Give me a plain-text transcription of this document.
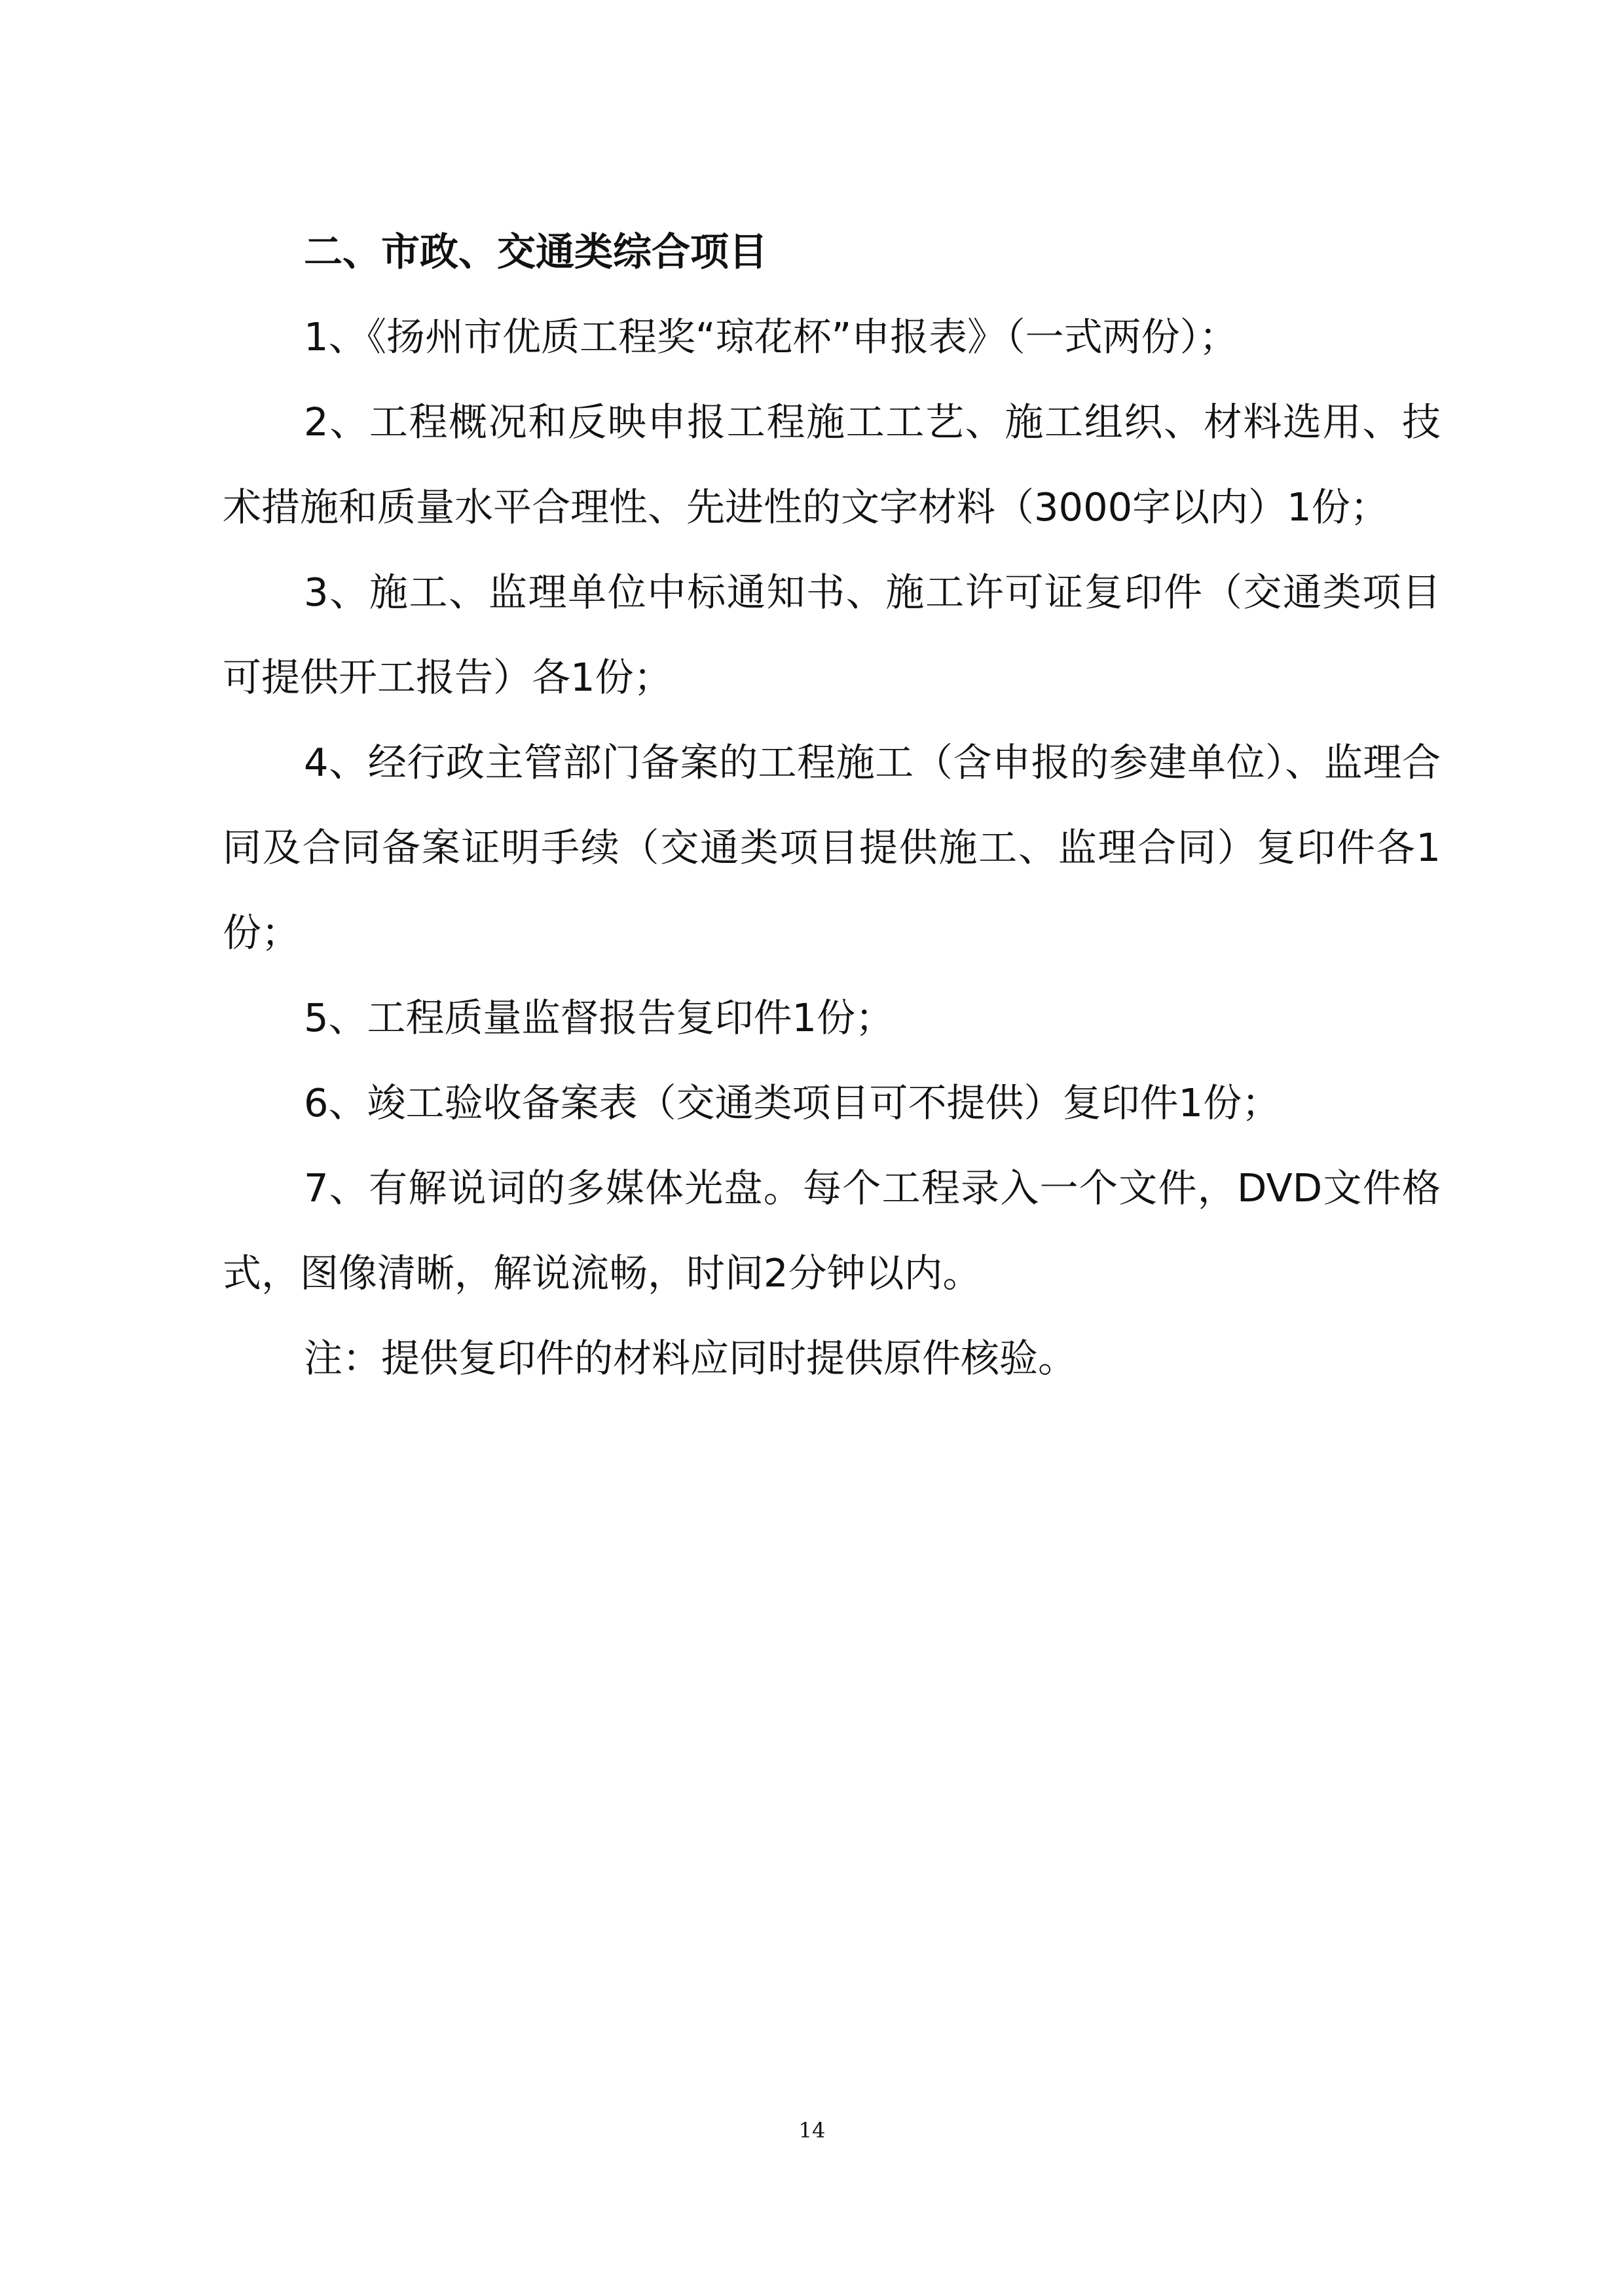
二、市政、交通类综合项目

1、《扬州市优质工程奖“琼花杯”申报表》（一式两份）；

2、工程概况和反映申报工程施工工艺、施工组织、材料选用、技术措施和质量水平合理性、先进性的文字材料（3000字以内）1份；

3、施工、监理单位中标通知书、施工许可证复印件（交通类项目可提供开工报告）各1份；

4、经行政主管部门备案的工程施工（含申报的参建单位）、监理合同及合同备案证明手续（交通类项目提供施工、监理合同）复印件各1份；

5、工程质量监督报告复印件1份；

6、竣工验收备案表（交通类项目可不提供）复印件1份；

7、有解说词的多媒体光盘。每个工程录入一个文件，DVD文件格式，图像清晰，解说流畅，时间2分钟以内。

注：提供复印件的材料应同时提供原件核验。

14
